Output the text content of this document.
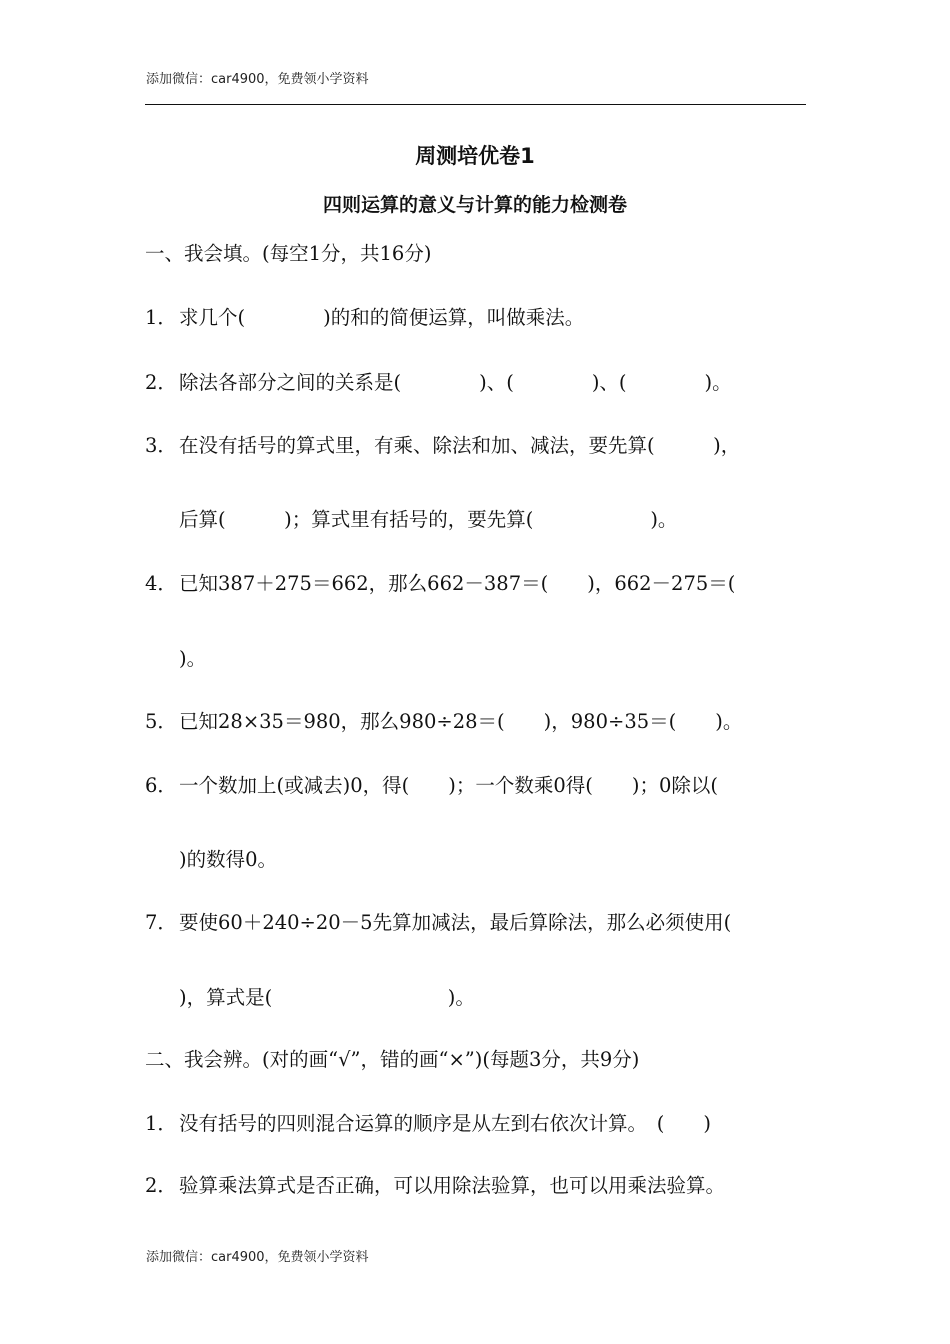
添加微信：car4900，免费领小学资料
周测培优卷1
四则运算的意义与计算的能力检测卷
一、我会填。(每空1分，共16分)
1． 求几个(　　　　)的和的简便运算，叫做乘法。
2． 除法各部分之间的关系是(　　　　)、(　　　　)、(　　　　)。
3． 在没有括号的算式里，有乘、除法和加、减法，要先算(　　　)，
后算(　　　)；算式里有括号的，要先算(　　　　　　)。
4． 已知387＋275＝662，那么662－387＝(　　)，662－275＝(
)。
5． 已知28×35＝980，那么980÷28＝(　　)，980÷35＝(　　)。
6． 一个数加上(或减去)0，得(　　)；一个数乘0得(　　)；0除以(
)的数得0。
7． 要使60＋240÷20－5先算加减法，最后算除法，那么必须使用(
)，算式是(　　　　　　　　　)。
二、我会辨。(对的画“√”，错的画“×”)(每题3分，共9分)
1． 没有括号的四则混合运算的顺序是从左到右依次计算。　(　　)
2． 验算乘法算式是否正确，可以用除法验算，也可以用乘法验算。
添加微信：car4900，免费领小学资料
